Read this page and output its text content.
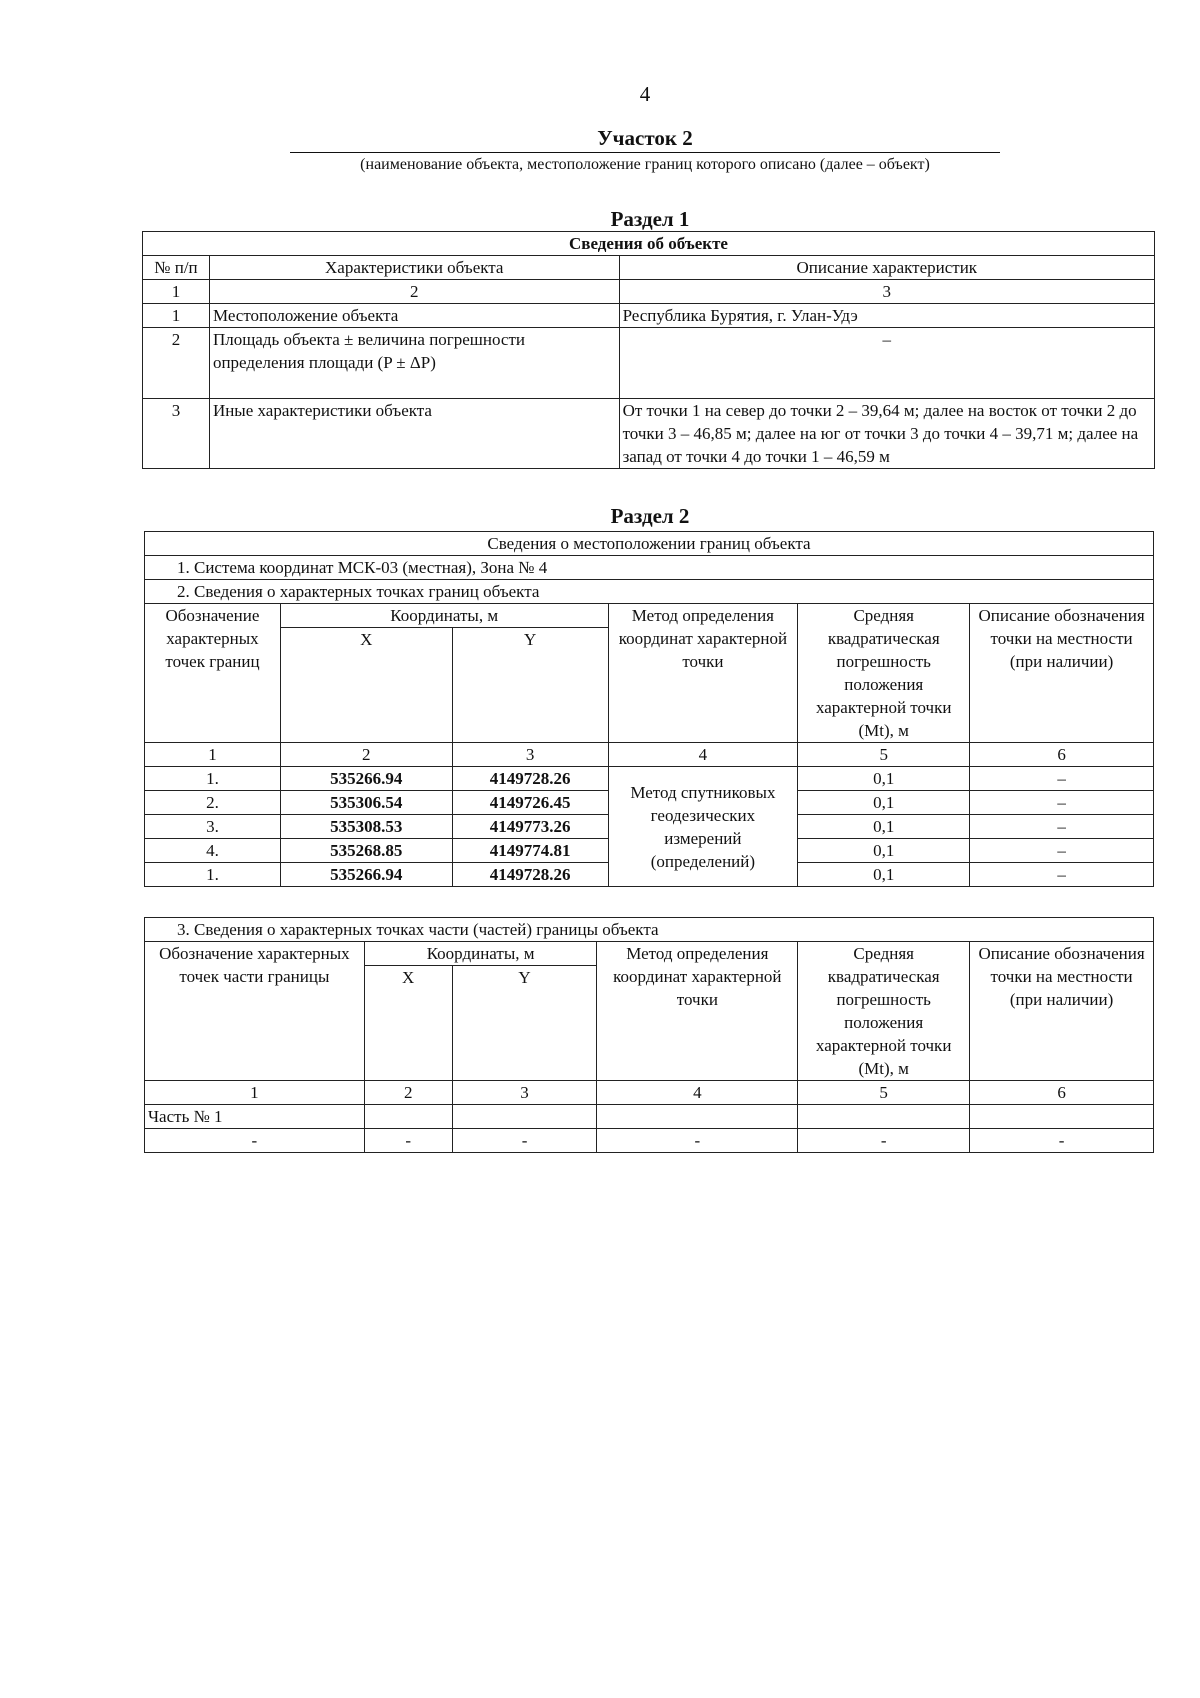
4
Участок 2
(наименование объекта, местоположение границ которого описано (далее – объект)
Раздел 1
Сведения об объекте		
№ п/п	Характеристики объекта	Описание характеристик
1	2	3
1	Местоположение объекта	Республика Бурятия, г. Улан-Удэ
2	Площадь объекта ± величина погрешности определения площади (P ± ΔP)	–
3	Иные характеристики объекта	От точки 1 на север до точки 2 – 39,64 м; далее на восток от точки 2 до точки 3 – 46,85 м; далее на юг от точки 3 до точки 4 – 39,71 м; далее на запад от точки 4 до точки 1 – 46,59 м
Раздел 2
Сведения о местоположении границ объекта					
1. Система координат МСК-03 (местная), Зона № 4					
2. Сведения о характерных точках границ объекта					
Обозначение характерных точек границ	Координаты, м		Метод определения координат характерной точки	Средняя квадратическая погрешность положения характерной точки (Mt), м	Описание обозначения точки на местности (при наличии)
	X	Y			
1	2	3	4	5	6
1.	535266.94	4149728.26	Метод спутниковых геодезических измерений (определений)	0,1	–
2.	535306.54	4149726.45		0,1	–
3.	535308.53	4149773.26		0,1	–
4.	535268.85	4149774.81		0,1	–
1.	535266.94	4149728.26		0,1	–
3. Сведения о характерных точках части (частей) границы объекта					
Обозначение характерных точек части границы	Координаты, м		Метод определения координат характерной точки	Средняя квадратическая погрешность положения характерной точки (Mt), м	Описание обозначения точки на местности (при наличии)
	X	Y			
1	2	3	4	5	6
Часть № 1					
-	-	-	-	-	-
